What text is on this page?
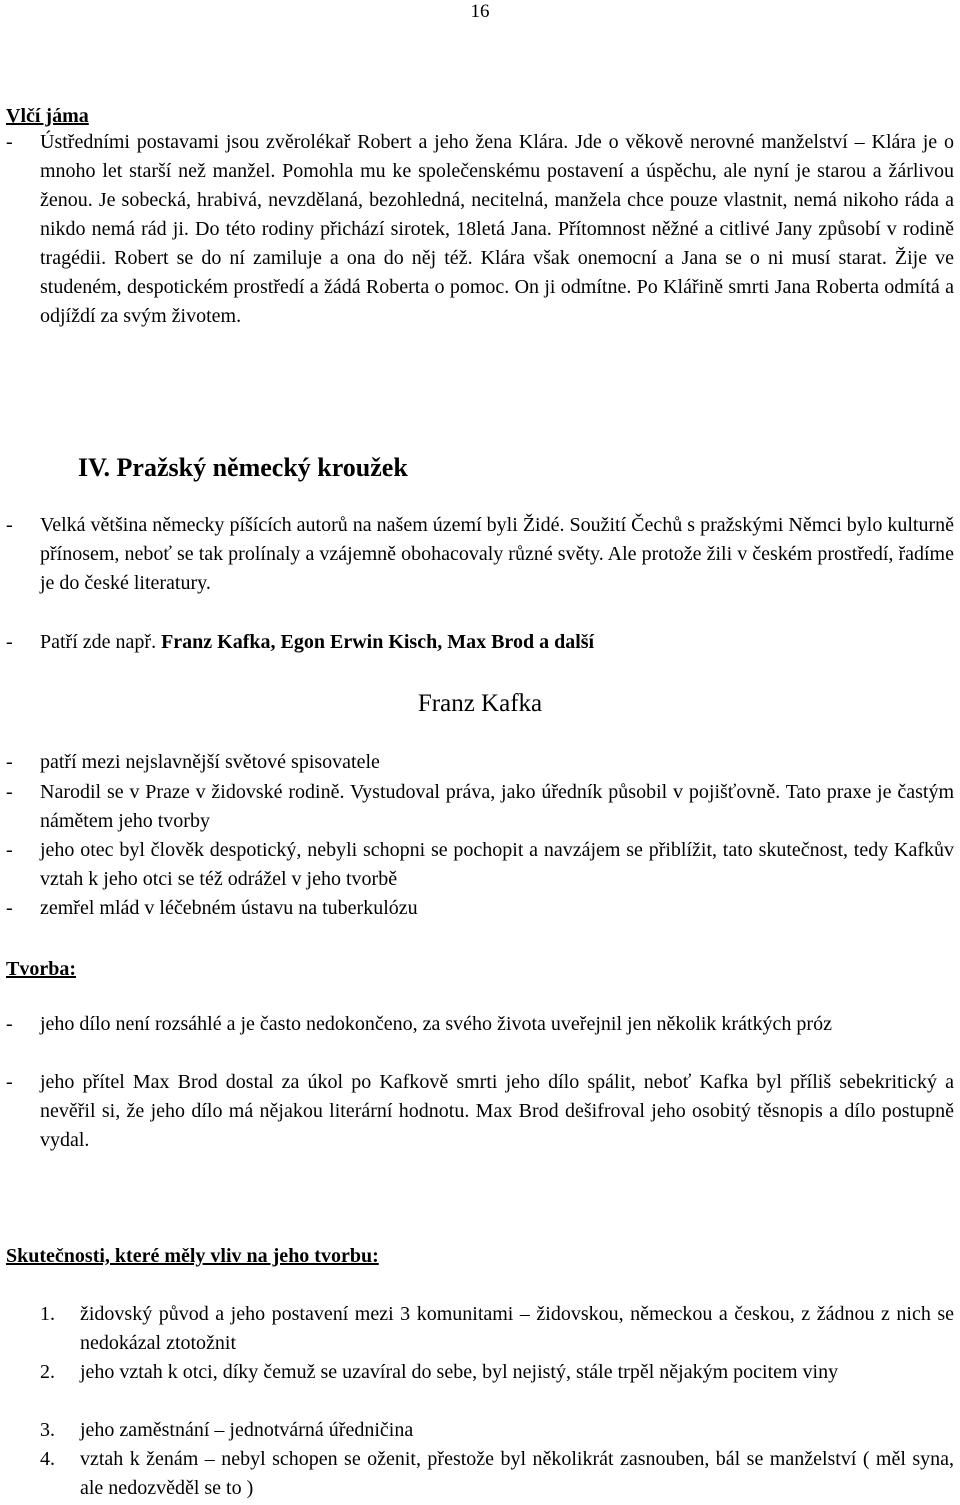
16
Vlčí jáma
- Ústředními postavami jsou zvěrolékař Robert a jeho žena Klára. Jde o věkově nerovné manželství – Klára je o mnoho let starší než manžel. Pomohla mu ke společenskému postavení a úspěchu, ale nyní je starou a žárlivou ženou. Je sobecká, hrabivá, nevzdělaná, bezohledná, necitelná, manžela chce pouze vlastnit, nemá nikoho ráda a nikdo nemá rád ji. Do této rodiny přichází sirotek, 18letá Jana. Přítomnost něžné a citlivé Jany způsobí v rodině tragédii. Robert se do ní zamiluje a ona do něj též. Klára však onemocní a Jana se o ni musí starat. Žije ve studeném, despotickém prostředí a žádá Roberta o pomoc. On ji odmítne. Po Klářině smrti Jana Roberta odmítá a odjíždí za svým životem.
IV. Pražský německý kroužek
- Velká většina německy píšících autorů na našem území byli Židé. Soužití Čechů s pražskými Němci bylo kulturně přínosem, neboť se tak prolínaly a vzájemně obohacovaly různé světy. Ale protože žili v českém prostředí, řadíme je do české literatury.
- Patří zde např. Franz Kafka, Egon Erwin Kisch, Max Brod a další
Franz Kafka
- patří mezi nejslavnější světové spisovatele
- Narodil se v Praze v židovské rodině. Vystudoval práva, jako úředník působil v pojišťovně. Tato praxe je častým námětem jeho tvorby
- jeho otec byl člověk despotický, nebyli schopni se pochopit a navzájem se přiblížit, tato skutečnost, tedy Kafkův vztah k jeho otci se též odrážel v jeho tvorbě
- zemřel mlád v léčebném ústavu na tuberkulózu
Tvorba:
- jeho dílo není rozsáhlé a je často nedokončeno, za svého života uveřejnil jen několik krátkých próz
- jeho přítel Max Brod dostal za úkol po Kafkově smrti jeho dílo spálit, neboť Kafka byl příliš sebekritický a nevěřil si, že jeho dílo má nějakou literární hodnotu. Max Brod dešifroval jeho osobitý těsnopis a dílo postupně vydal.
Skutečnosti, které měly vliv na jeho tvorbu:
1. židovský původ a jeho postavení mezi 3 komunitami – židovskou, německou a českou, z žádnou z nich se nedokázal ztotožnit
2. jeho vztah k otci, díky čemuž se uzavíral do sebe, byl nejistý, stále trpěl nějakým pocitem viny
3. jeho zaměstnání – jednotvárná úředničina
4. vztah k ženám – nebyl schopen se oženit, přestože byl několikrát zasnouben, bál se manželství ( měl syna, ale nedozvěděl se to )
